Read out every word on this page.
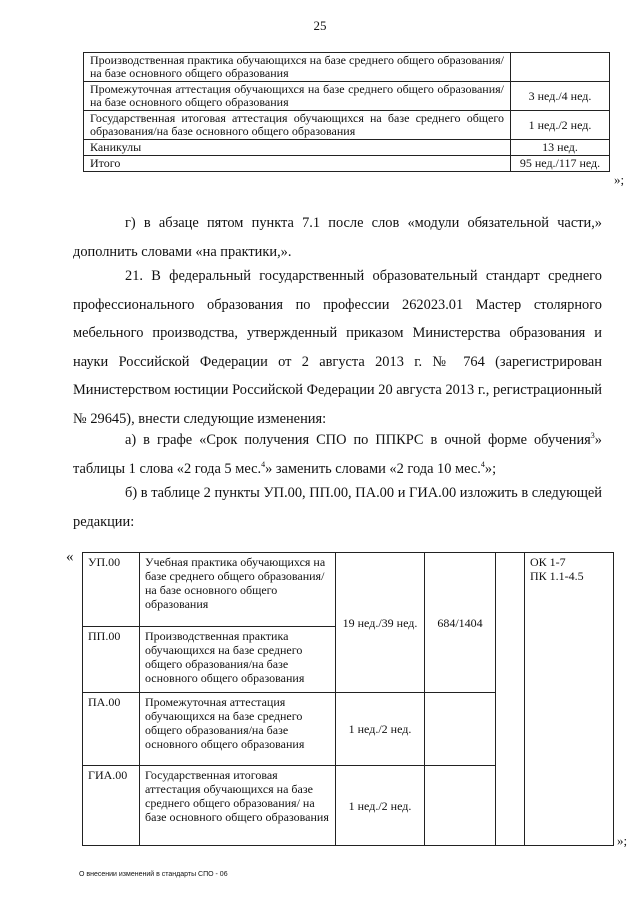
25
Производственная практика обучающихся на базе среднего общего образования/на базе основного общего образования	
Промежуточная аттестация обучающихся на базе среднего общего образования/на базе основного общего образования	3 нед./4 нед.
Государственная итоговая аттестация обучающихся на базе среднего общего образования/на базе основного общего образования	1 нед./2 нед.
Каникулы	13 нед.
Итого	95 нед./117 нед.
»;

г) в абзаце пятом пункта 7.1 после слов «модули обязательной части,» дополнить словами «на практики,».

21. В федеральный государственный образовательный стандарт среднего профессионального образования по профессии 262023.01 Мастер столярного мебельного производства, утвержденный приказом Министерства образования и науки Российской Федерации от 2 августа 2013 г. № 764 (зарегистрирован Министерством юстиции Российской Федерации 20 августа 2013 г., регистрационный № 29645), внести следующие изменения:

а) в графе «Срок получения СПО по ППКРС в очной форме обучения$^3$» таблицы 1 слова «2 года 5 мес.$^4$» заменить словами «2 года 10 мес.$^4$»;

б) в таблице 2 пункты УП.00, ПП.00, ПА.00 и ГИА.00 изложить в следующей редакции:

« УП.00	Учебная практика обучающихся на базе среднего общего образования/на базе основного общего образования	19 нед./39 нед.	684/1404		ОК 1-7
ПК 1.1-4.5

ПП.00	Производственная практика обучающихся на базе среднего общего образования/на базе основного общего образования				
ПА.00	Промежуточная аттестация обучающихся на базе среднего общего образования/на базе основного общего образования	1 нед./2 нед.			
ГИА.00	Государственная итоговая аттестация обучающихся на базе среднего общего образования/ на базе основного общего образования	1 нед./2 нед.			
»;
О внесении изменений в стандарты СПО - 06
